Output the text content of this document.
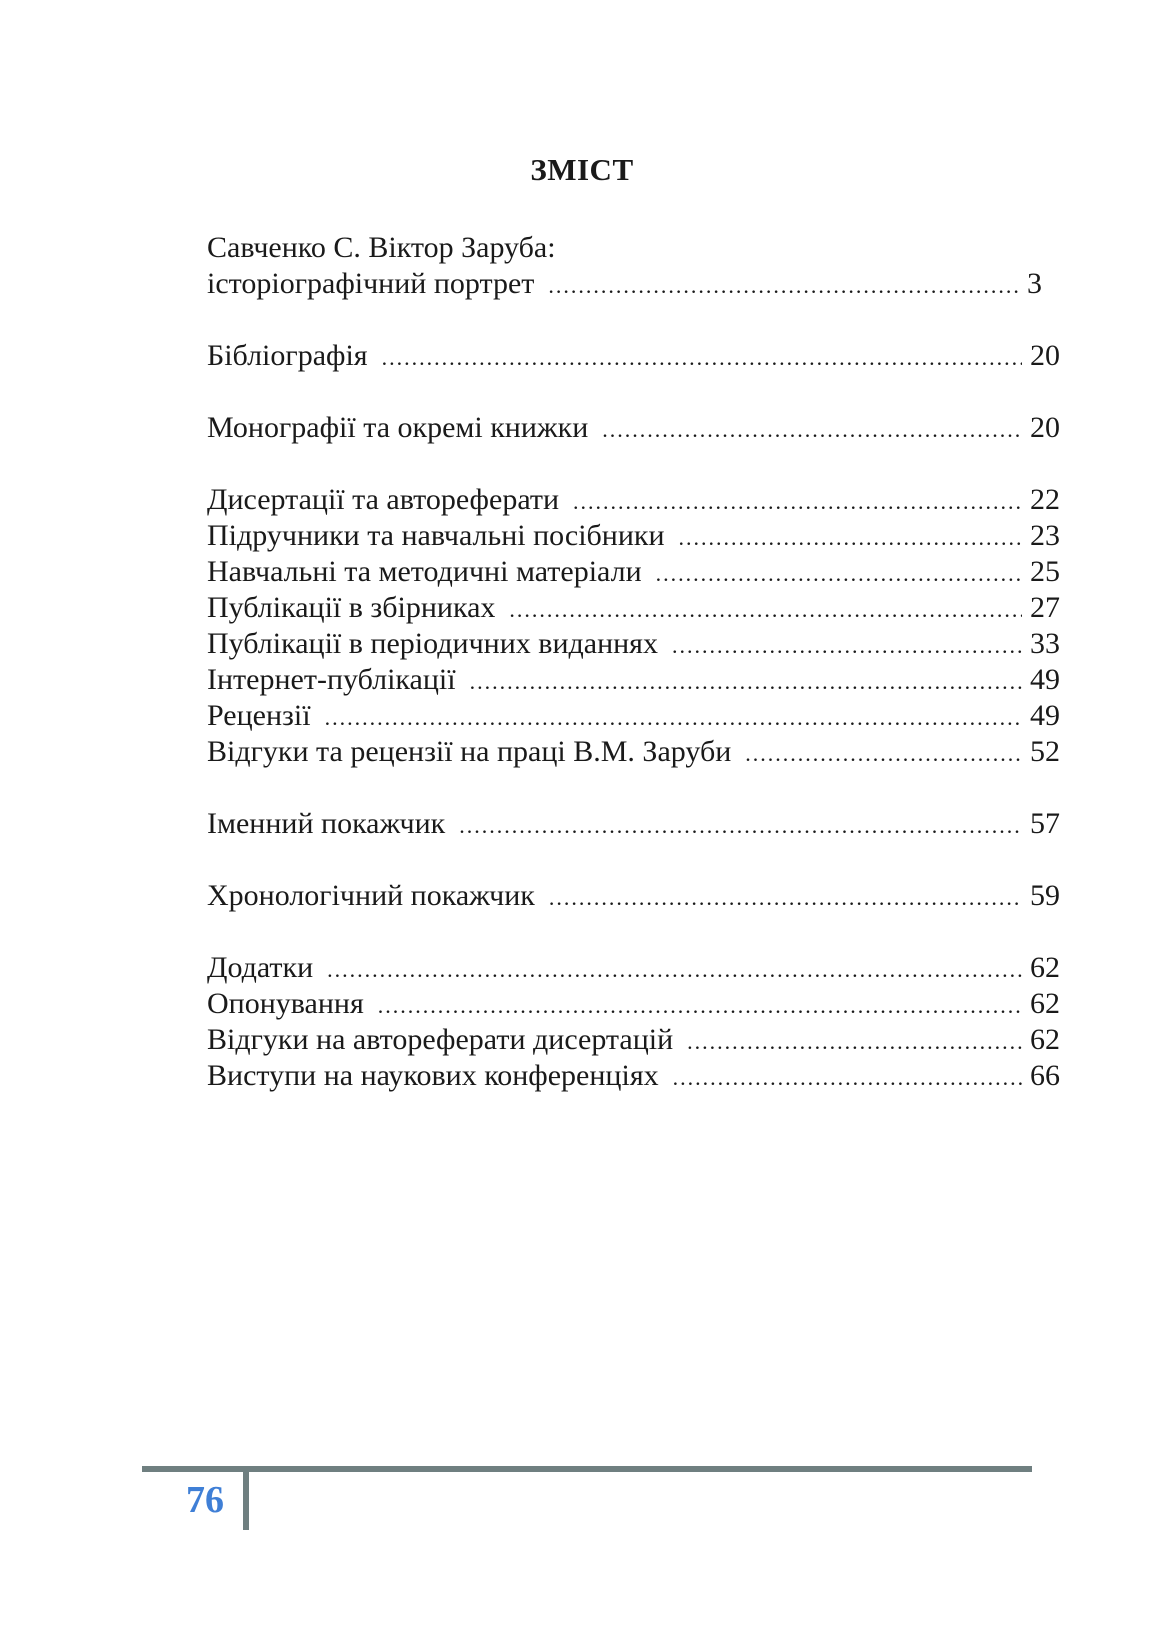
ЗМІСТ
Савченко С. Віктор Заруба:
історіографічний портрет .....	3
Бібліографія .....	20
Монографії та окремі книжки .....	20
Дисертації та автореферати .....	22
Підручники та навчальні посібники .....	23
Навчальні та методичні матеріали .....	25
Публікації в збірниках .....	27
Публікації в періодичних виданнях .....	33
Інтернет-публікації .....	49
Рецензії .....	49
Відгуки та рецензії на праці В.М. Заруби .....	52
Іменний покажчик .....	57
Хронологічний покажчик .....	59
Додатки .....	62
Опонування .....	62
Відгуки на автореферати дисертацій .....	62
Виступи на наукових конференціях .....	66
76
